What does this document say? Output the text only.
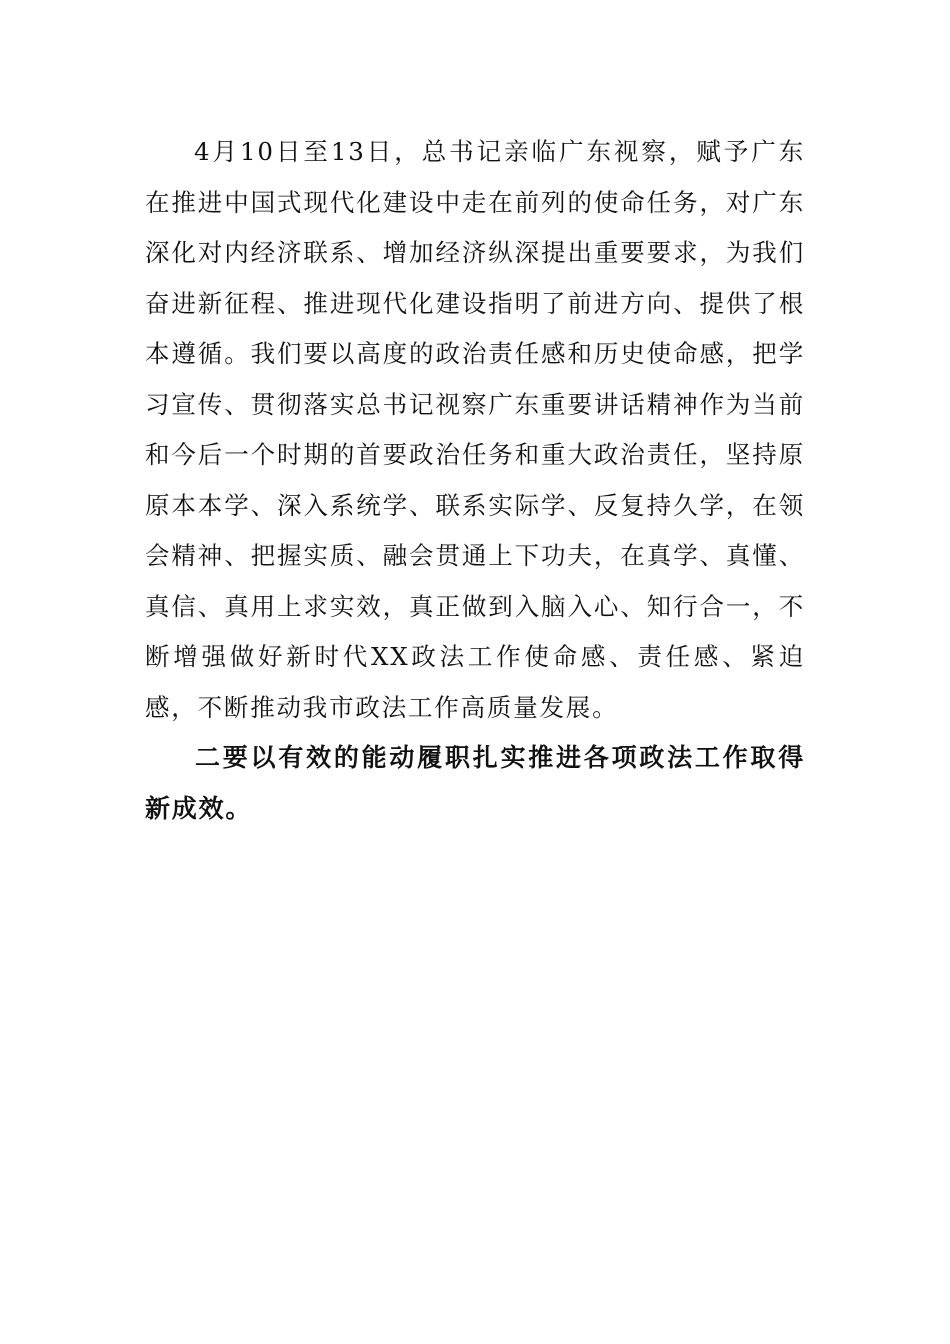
4月10日至13日，总书记亲临广东视察，赋予广东在推进中国式现代化建设中走在前列的使命任务，对广东深化对内经济联系、增加经济纵深提出重要要求，为我们奋进新征程、推进现代化建设指明了前进方向、提供了根本遵循。我们要以高度的政治责任感和历史使命感，把学习宣传、贯彻落实总书记视察广东重要讲话精神作为当前和今后一个时期的首要政治任务和重大政治责任，坚持原原本本学、深入系统学、联系实际学、反复持久学，在领会精神、把握实质、融会贯通上下功夫，在真学、真懂、真信、真用上求实效，真正做到入脑入心、知行合一，不断增强做好新时代XX政法工作使命感、责任感、紧迫感，不断推动我市政法工作高质量发展。

二要以有效的能动履职扎实推进各项政法工作取得新成效。
